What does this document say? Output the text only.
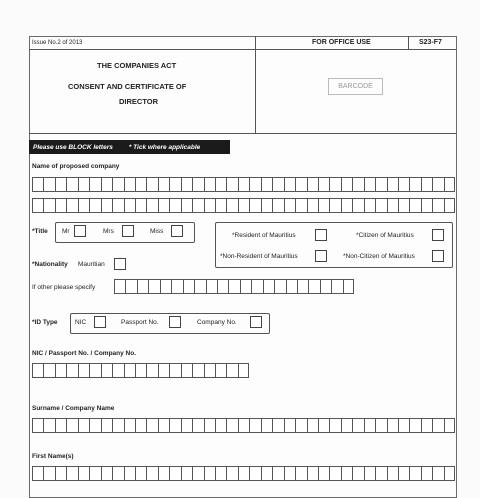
Issue No.2 of 2013	FOR OFFICE USE	S23-F7
THE COMPANIES ACT
CONSENT AND CERTIFICATE OF
DIRECTOR
BARCODE
Please use BLOCK letters * Tick where applicable
Name of proposed company
*Title Mr	Mrs	Miss
*Resident of Mauritius	*Citizen of Mauritius
*Non-Resident of Mauritius	*Non-Citizen of Mauritius
*Nationality Mauritian
If other please specify
*ID Type	NIC	Passport No.	Company No.
NIC / Passport No. / Company No.
Surname / Company Name
First Name(s)
